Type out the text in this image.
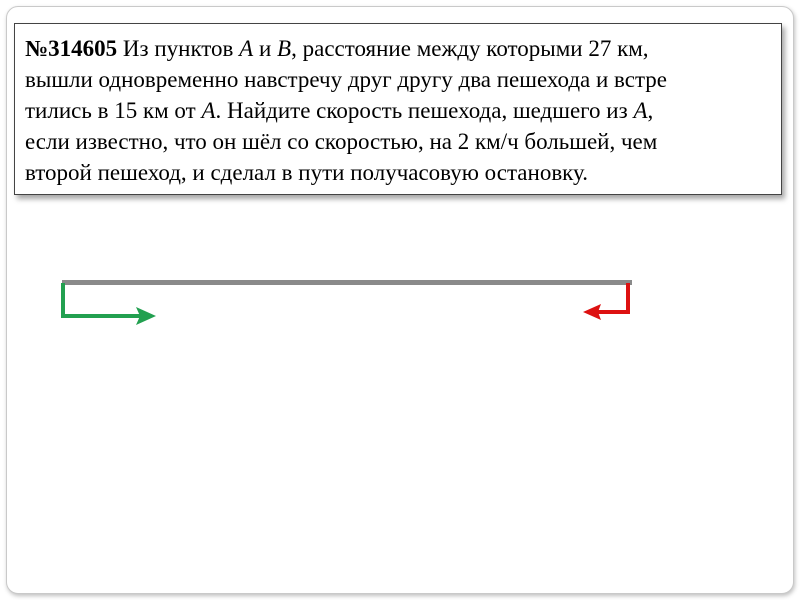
№314605 Из пунктов А и В, расстояние между которыми 27 км,
вышли одновременно навстречу друг другу два пешехода и встре
тились в 15 км от А. Найдите скорость пешехода, шедшего из А,
если известно, что он шёл со скоростью, на 2 км/ч большей, чем
второй пешеход, и сделал в пути получасовую остановку.
